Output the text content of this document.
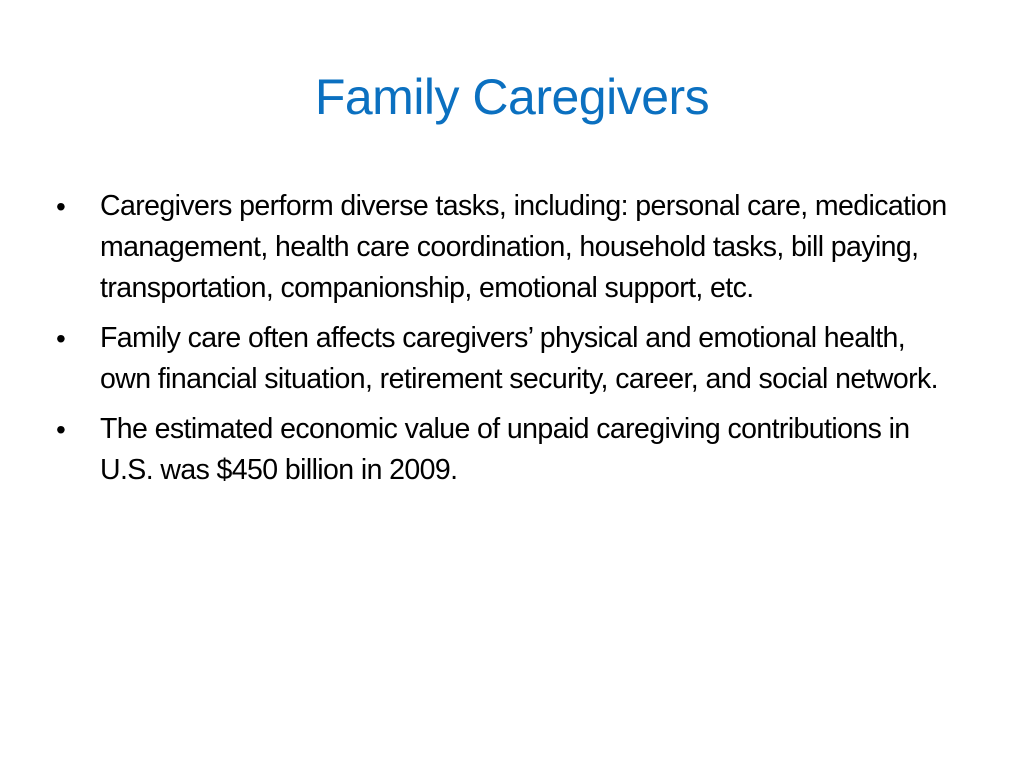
Family Caregivers
•	Caregivers perform diverse tasks, including: personal care, medication management, health care coordination, household tasks, bill paying, transportation, companionship, emotional support, etc.
•	Family care often affects caregivers’ physical and emotional health, own financial situation, retirement security, career, and social network.
•	The estimated economic value of unpaid caregiving contributions in U.S. was $450 billion in 2009.
